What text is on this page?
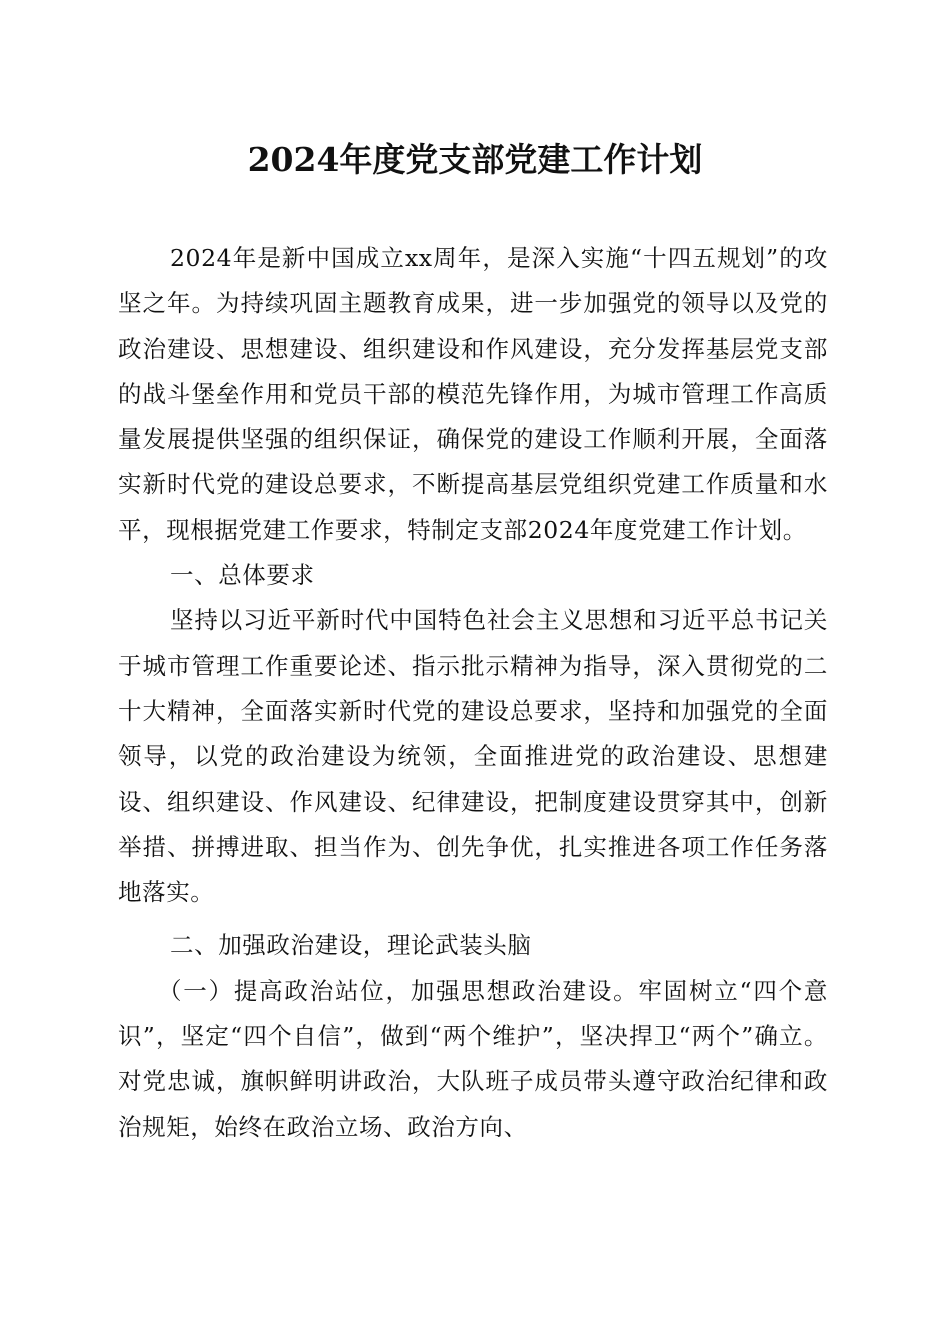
2024年度党支部党建工作计划

2024年是新中国成立xx周年，是深入实施“十四五规划”的攻坚之年。为持续巩固主题教育成果，进一步加强党的领导以及党的政治建设、思想建设、组织建设和作风建设，充分发挥基层党支部的战斗堡垒作用和党员干部的模范先锋作用，为城市管理工作高质量发展提供坚强的组织保证，确保党的建设工作顺利开展，全面落实新时代党的建设总要求，不断提高基层党组织党建工作质量和水平，现根据党建工作要求，特制定支部2024年度党建工作计划。

一、总体要求

坚持以习近平新时代中国特色社会主义思想和习近平总书记关于城市管理工作重要论述、指示批示精神为指导，深入贯彻党的二十大精神，全面落实新时代党的建设总要求，坚持和加强党的全面领导，以党的政治建设为统领，全面推进党的政治建设、思想建设、组织建设、作风建设、纪律建设，把制度建设贯穿其中，创新举措、拼搏进取、担当作为、创先争优，扎实推进各项工作任务落地落实。

二、加强政治建设，理论武装头脑

（一）提高政治站位，加强思想政治建设。牢固树立“四个意识”，坚定“四个自信”，做到“两个维护”，坚决捍卫“两个”确立。对党忠诚，旗帜鲜明讲政治，大队班子成员带头遵守政治纪律和政治规矩，始终在政治立场、政治方向、
